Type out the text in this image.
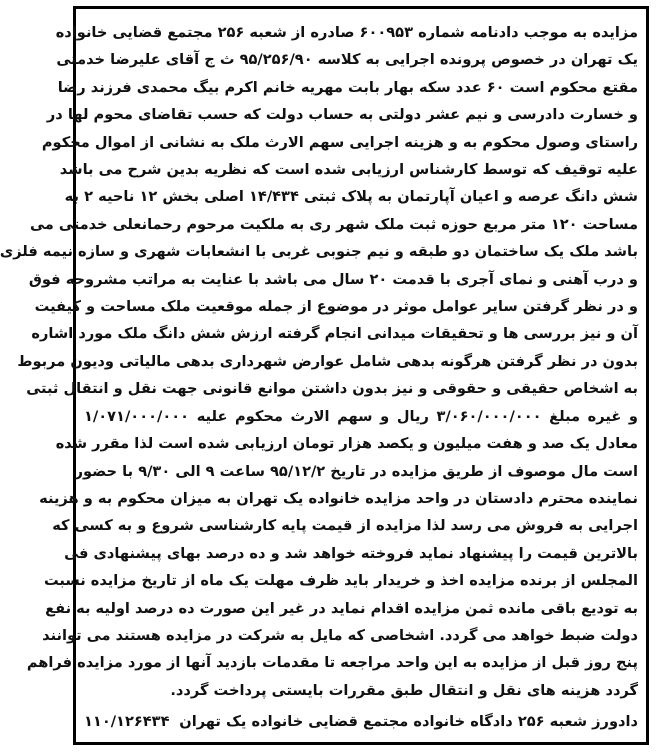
مزایده به موجب دادنامه شماره ۶۰۰۹۵۳ صادره از شعبه ۲۵۶ مجتمع قضایی خانواده
یک تهران در خصوص پرونده اجرایی به کلاسه ۹۵/۲۵۶/۹۰ ث ج آقای علیرضا خدمتی
مقتع محکوم است ۶۰ عدد سکه بهار بابت مهریه خانم اکرم بیگ محمدی فرزند رضا
و خسارت دادرسی و نیم عشر دولتی به حساب دولت که حسب تقاضای محوم لها در
راستای وصول محکوم به و هزینه اجرایی سهم الارث ملک به نشانی از اموال محکوم
علیه توقیف که توسط کارشناس ارزیابی شده است که نظریه بدین شرح می باشد
شش دانگ عرصه و اعیان آپارتمان به پلاک ثبتی ۱۴/۴۳۴ اصلی بخش ۱۲ ناحیه ۲ به
مساحت ۱۲۰ متر مربع حوزه ثبت ملک شهر ری به ملکیت مرحوم رحمانعلی خدمتی می
باشد ملک یک ساختمان دو طبقه و نیم جنوبی غربی با انشعابات شهری و سازه نیمه فلزی
و درب آهنی و نمای آجری با قدمت ۲۰ سال می باشد با عنایت به مراتب مشروحه فوق
و در نظر گرفتن سایر عوامل موثر در موضوع از جمله موقعیت ملک مساحت و کیفیت
آن و نیز بررسی ها و تحقیقات میدانی انجام گرفته ارزش شش دانگ ملک مورد اشاره
بدون در نظر گرفتن هرگونه بدهی شامل عوارض شهرداری بدهی مالیاتی ودیون مربوط
به اشخاص حقیقی و حقوقی و نیز بدون داشتن موانع قانونی جهت نقل و انتقال ثبتی
و غیره مبلغ ۳/۰۶۰/۰۰۰/۰۰۰ ریال و سهم الارث محکوم علیه ۱/۰۷۱/۰۰۰/۰۰۰
معادل یک صد و هفت میلیون و یکصد هزار تومان ارزیابی شده است لذا مقرر شده
است مال موصوف از طریق مزایده در تاریخ ۹۵/۱۲/۲ ساعت ۹ الی ۹/۳۰ با حضور
نماینده محترم دادستان در واحد مزایده خانواده یک تهران به میزان محکوم به و هزینه
اجرایی به فروش می رسد لذا مزایده از قیمت پایه کارشناسی شروع و به کسی که
بالاترین قیمت را پیشنهاد نماید فروخته خواهد شد و ده درصد بهای پیشنهادی فی
المجلس از برنده مزایده اخذ و خریدار باید ظرف مهلت یک ماه از تاریخ مزایده نسبت
به تودیع باقی مانده ثمن مزایده اقدام نماید در غیر این صورت ده درصد اولیه به نفع
دولت ضبط خواهد می گردد. اشخاصی که مایل به شرکت در مزایده هستند می توانند
پنج روز قبل از مزایده به این واحد مراجعه تا مقدمات بازدید آنها از مورد مزایده فراهم
گردد هزینه های نقل و انتقال طبق مقررات بایستی پرداخت گردد.
دادورز شعبه ۲۵۶ دادگاه خانواده مجتمع قضایی خانواده یک تهران
۱۱۰/۱۲۶۴۳۴
